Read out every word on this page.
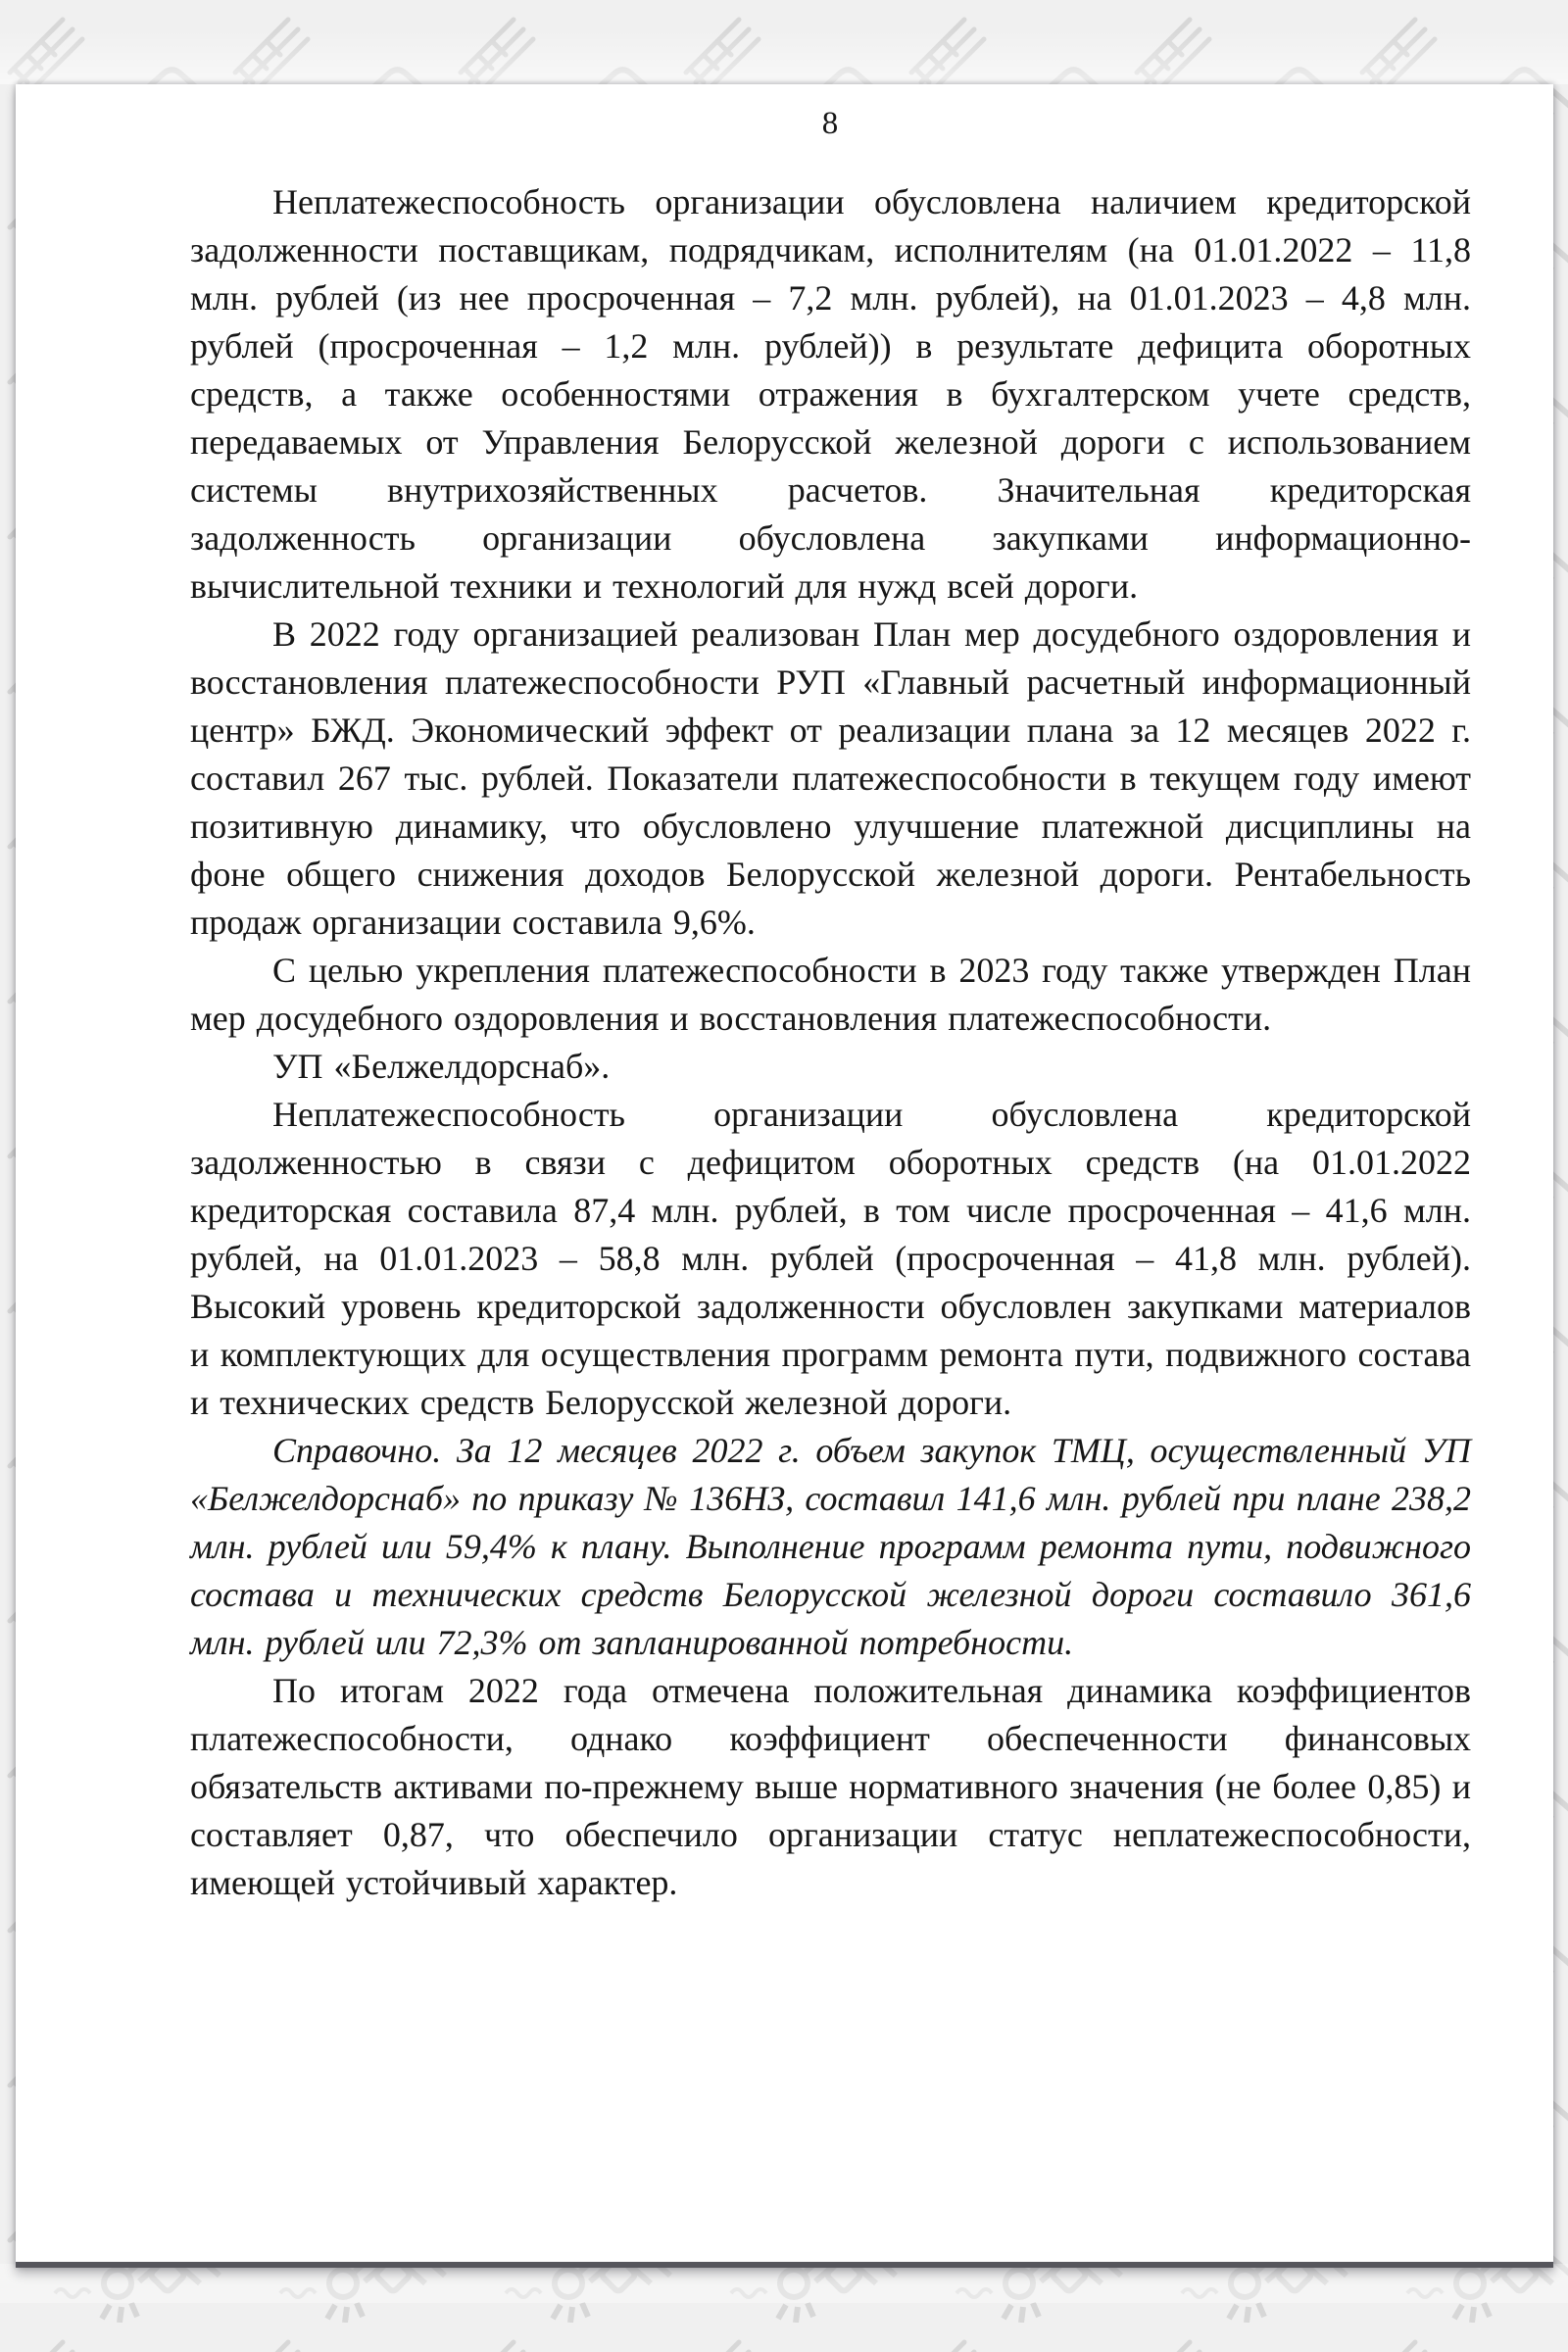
8

Неплатежеспособность организации обусловлена наличием кредиторской задолженности поставщикам, подрядчикам, исполнителям (на 01.01.2022 – 11,8 млн. рублей (из нее просроченная – 7,2 млн. рублей), на 01.01.2023 – 4,8 млн. рублей (просроченная – 1,2 млн. рублей)) в результате дефицита оборотных средств, а также особенностями отражения в бухгалтерском учете средств, передаваемых от Управления Белорусской железной дороги с использованием системы внутрихозяйственных расчетов. Значительная кредиторская задолженность организации обусловлена закупками информационно-вычислительной техники и технологий для нужд всей дороги.

В 2022 году организацией реализован План мер досудебного оздоровления и восстановления платежеспособности РУП «Главный расчетный информационный центр» БЖД. Экономический эффект от реализации плана за 12 месяцев 2022 г. составил 267 тыс. рублей. Показатели платежеспособности в текущем году имеют позитивную динамику, что обусловлено улучшение платежной дисциплины на фоне общего снижения доходов Белорусской железной дороги. Рентабельность продаж организации составила 9,6%.

С целью укрепления платежеспособности в 2023 году также утвержден План мер досудебного оздоровления и восстановления платежеспособности.

УП «Белжелдорснаб».

Неплатежеспособность организации обусловлена кредиторской задолженностью в связи с дефицитом оборотных средств (на 01.01.2022 кредиторская составила 87,4 млн. рублей, в том числе просроченная – 41,6 млн. рублей, на 01.01.2023 – 58,8 млн. рублей (просроченная – 41,8 млн. рублей). Высокий уровень кредиторской задолженности обусловлен закупками материалов и комплектующих для осуществления программ ремонта пути, подвижного состава и технических средств Белорусской железной дороги.

Справочно. За 12 месяцев 2022 г. объем закупок ТМЦ, осуществленный УП «Белжелдорснаб» по приказу № 136НЗ, составил 141,6 млн. рублей при плане 238,2 млн. рублей или 59,4% к плану. Выполнение программ ремонта пути, подвижного состава и технических средств Белорусской железной дороги составило 361,6 млн. рублей или 72,3% от запланированной потребности.

По итогам 2022 года отмечена положительная динамика коэффициентов платежеспособности, однако коэффициент обеспеченности финансовых обязательств активами по-прежнему выше нормативного значения (не более 0,85) и составляет 0,87, что обеспечило организации статус неплатежеспособности, имеющей устойчивый характер.
